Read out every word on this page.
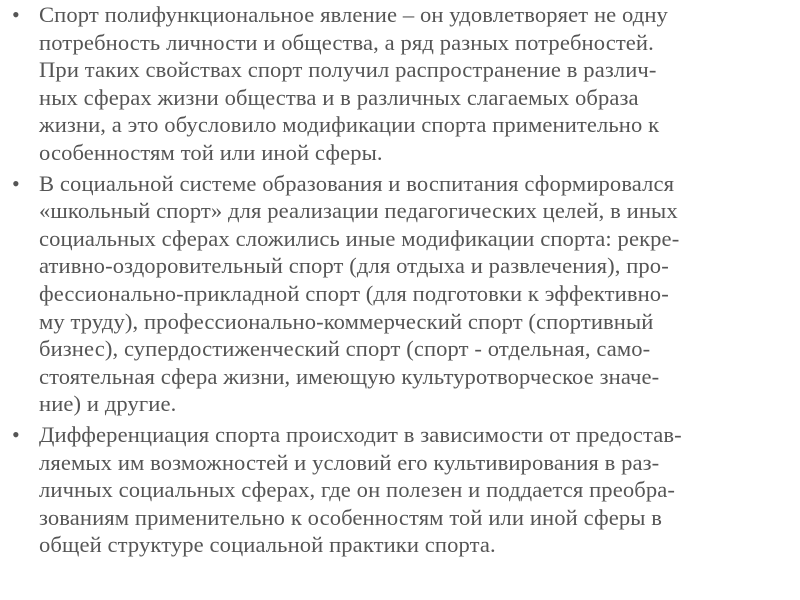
• Спорт полифункциональное явление – он удовлетворяет не одну
потребность личности и общества, а ряд разных потребностей.
При таких свойствах спорт получил распространение в различ-
ных сферах жизни общества и в различных слагаемых образа
жизни, а это обусловило модификации спорта применительно к
особенностям той или иной сферы.
• В социальной системе образования и воспитания сформировался
«школьный спорт» для реализации педагогических целей, в иных
социальных сферах сложились иные модификации спорта: рекре-
ативно-оздоровительный спорт (для отдыха и развлечения), про-
фессионально-прикладной спорт (для подготовки к эффективно-
му труду), профессионально-коммерческий спорт (спортивный
бизнес), супердостиженческий спорт (спорт - отдельная, само-
стоятельная сфера жизни, имеющую культуротворческое значе-
ние) и другие.
• Дифференциация спорта происходит в зависимости от предостав-
ляемых им возможностей и условий его культивирования в раз-
личных социальных сферах, где он полезен и поддается преобра-
зованиям применительно к особенностям той или иной сферы в
общей структуре социальной практики спорта.
